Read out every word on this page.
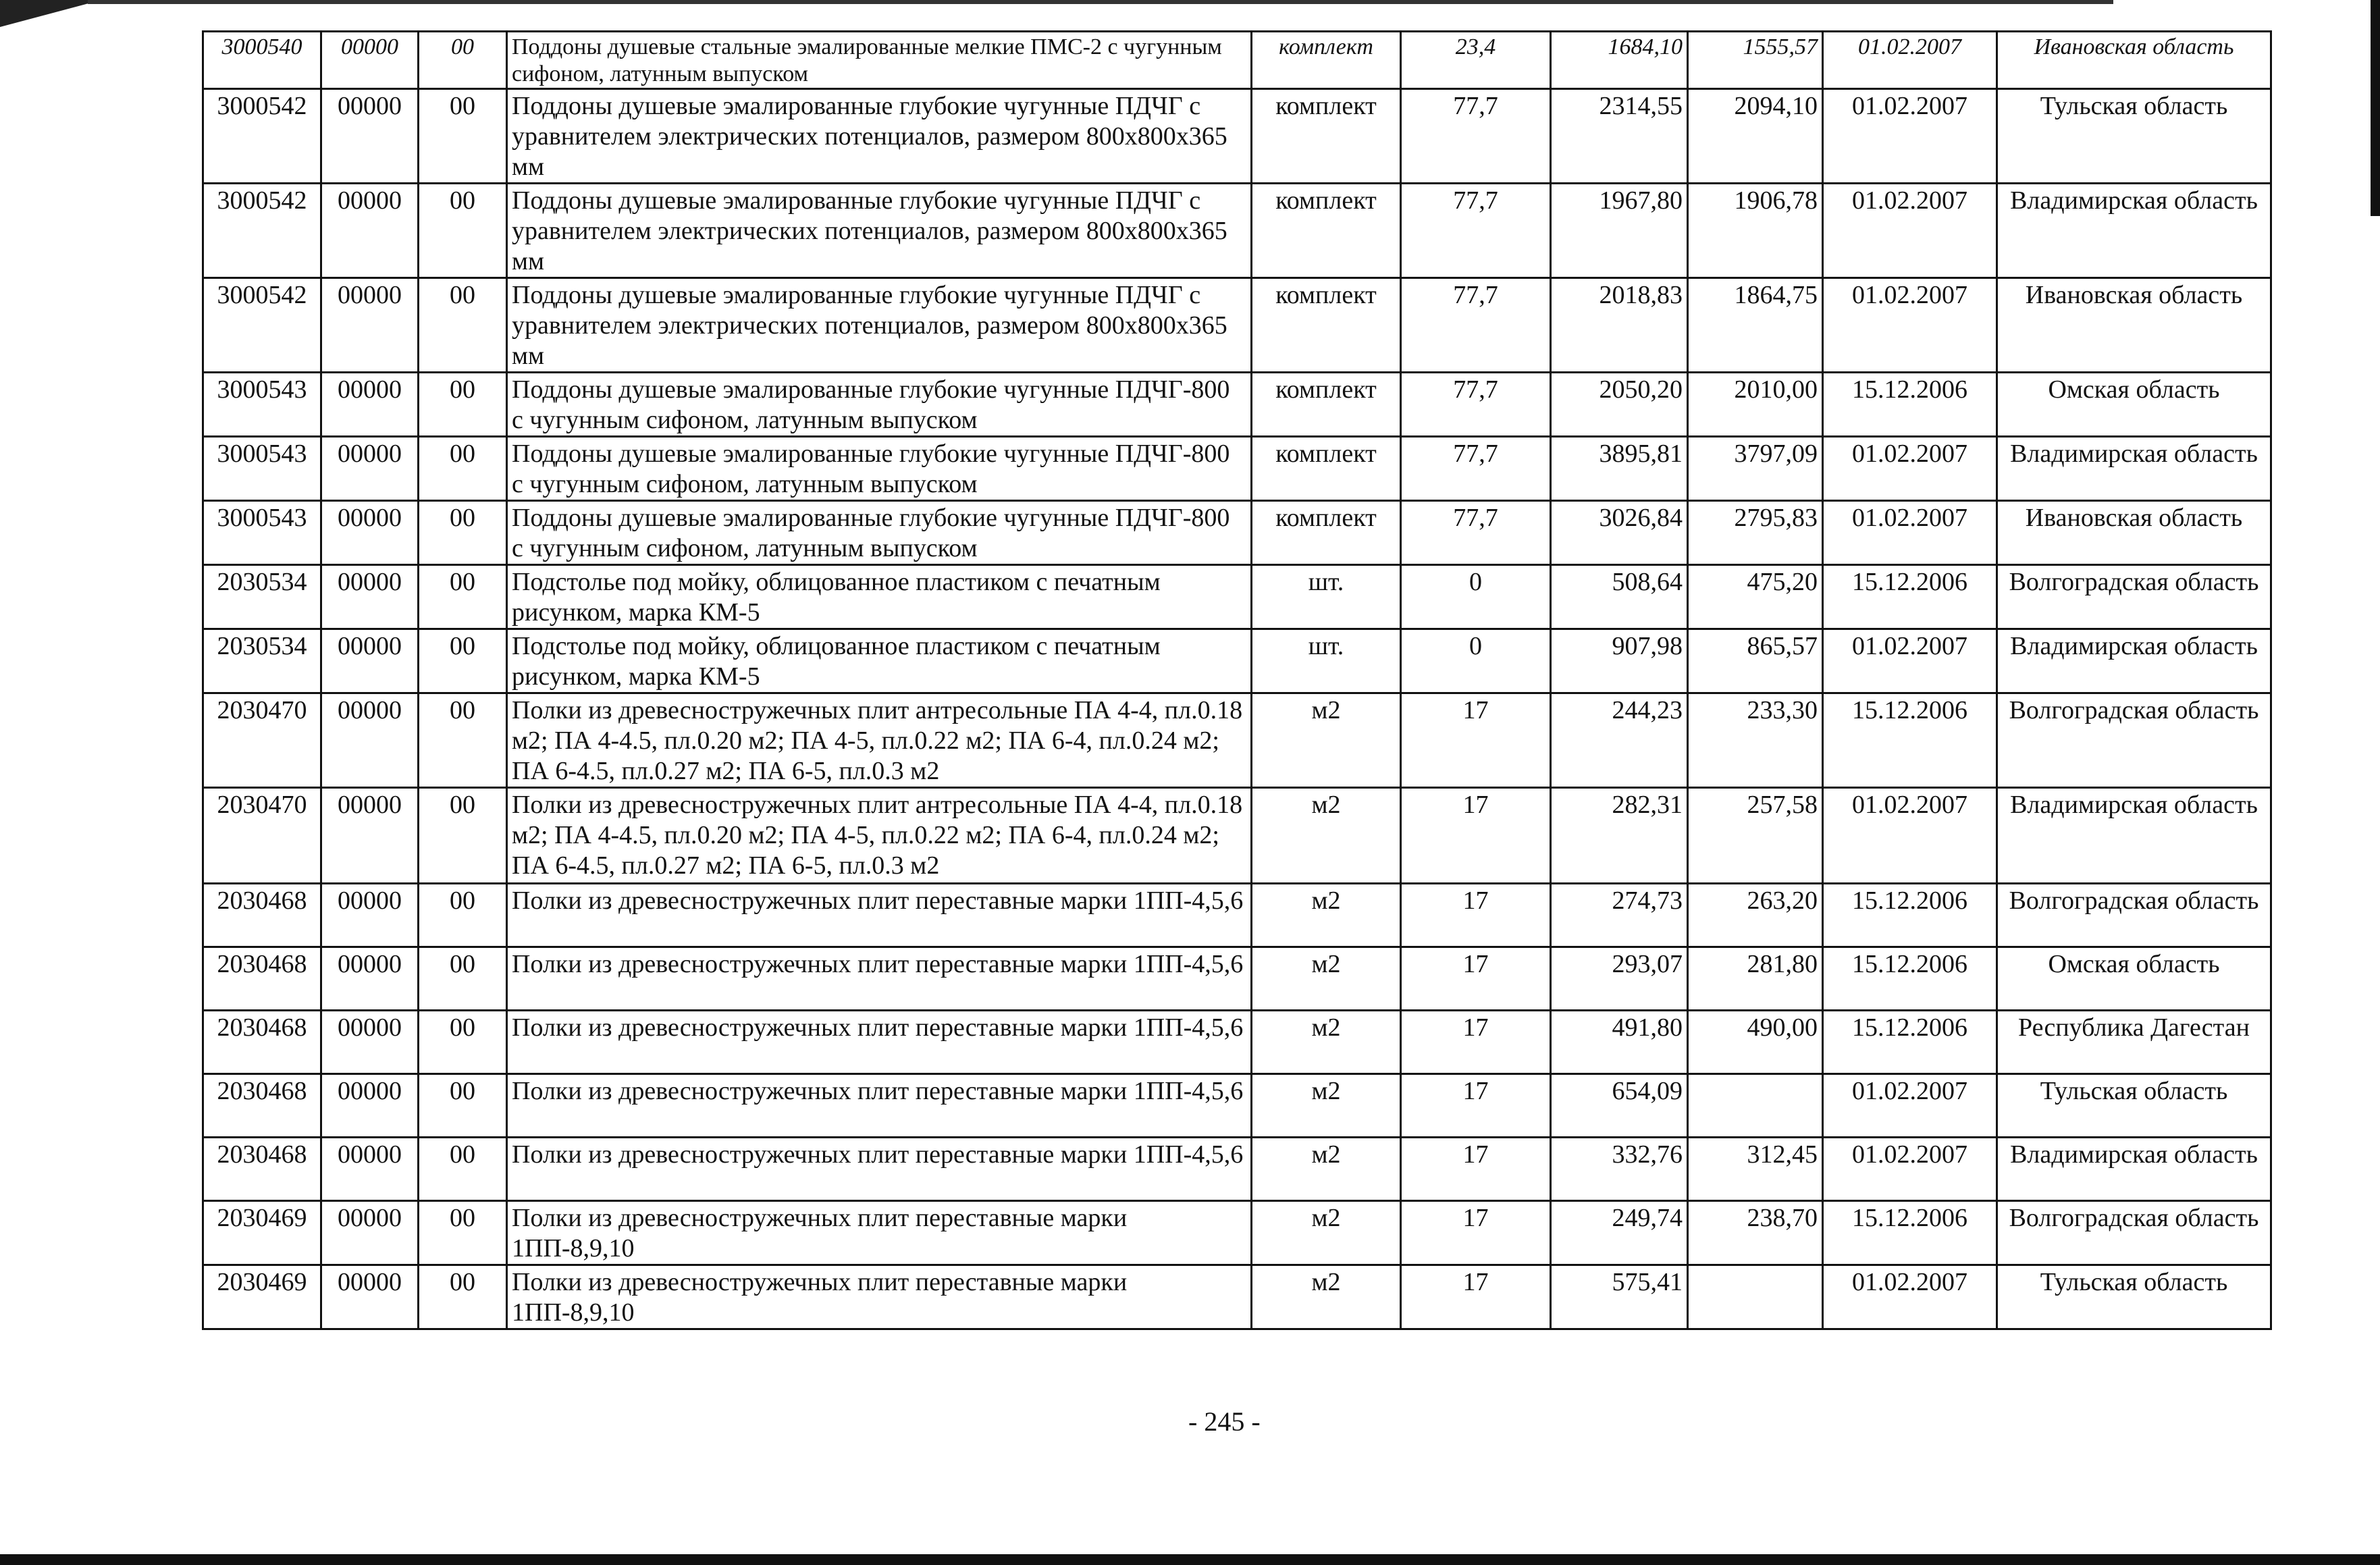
3000540	00000	00	Поддоны душевые стальные эмалированные мелкие ПМС-2 с чугунным сифоном, латунным выпуском	комплект	23,4	1684,10	1555,57	01.02.2007	Ивановская область
3000542	00000	00	Поддоны душевые эмалированные глубокие чугунные ПДЧГ с уравнителем электрических потенциалов, размером 800x800x365 мм	комплект	77,7	2314,55	2094,10	01.02.2007	Тульская область
3000542	00000	00	Поддоны душевые эмалированные глубокие чугунные ПДЧГ с уравнителем электрических потенциалов, размером 800x800x365 мм	комплект	77,7	1967,80	1906,78	01.02.2007	Владимирская область
3000542	00000	00	Поддоны душевые эмалированные глубокие чугунные ПДЧГ с уравнителем электрических потенциалов, размером 800x800x365 мм	комплект	77,7	2018,83	1864,75	01.02.2007	Ивановская область
3000543	00000	00	Поддоны душевые эмалированные глубокие чугунные ПДЧГ-800 с чугунным сифоном, латунным выпуском	комплект	77,7	2050,20	2010,00	15.12.2006	Омская область
3000543	00000	00	Поддоны душевые эмалированные глубокие чугунные ПДЧГ-800 с чугунным сифоном, латунным выпуском	комплект	77,7	3895,81	3797,09	01.02.2007	Владимирская область
3000543	00000	00	Поддоны душевые эмалированные глубокие чугунные ПДЧГ-800 с чугунным сифоном, латунным выпуском	комплект	77,7	3026,84	2795,83	01.02.2007	Ивановская область
2030534	00000	00	Подстолье под мойку, облицованное пластиком с печатным рисунком, марка КМ-5	шт.	0	508,64	475,20	15.12.2006	Волгоградская область
2030534	00000	00	Подстолье под мойку, облицованное пластиком с печатным рисунком, марка КМ-5	шт.	0	907,98	865,57	01.02.2007	Владимирская область
2030470	00000	00	Полки из древесностружечных плит антресольные ПА 4-4, пл.0.18 м2; ПА 4-4.5, пл.0.20 м2; ПА 4-5, пл.0.22 м2; ПА 6-4, пл.0.24 м2; ПА 6-4.5, пл.0.27 м2; ПА 6-5, пл.0.3 м2	м2	17	244,23	233,30	15.12.2006	Волгоградская область
2030470	00000	00	Полки из древесностружечных плит антресольные ПА 4-4, пл.0.18 м2; ПА 4-4.5, пл.0.20 м2; ПА 4-5, пл.0.22 м2; ПА 6-4, пл.0.24 м2; ПА 6-4.5, пл.0.27 м2; ПА 6-5, пл.0.3 м2	м2	17	282,31	257,58	01.02.2007	Владимирская область
2030468	00000	00	Полки из древесностружечных плит переставные марки 1ПП-4,5,6	м2	17	274,73	263,20	15.12.2006	Волгоградская область
2030468	00000	00	Полки из древесностружечных плит переставные марки 1ПП-4,5,6	м2	17	293,07	281,80	15.12.2006	Омская область
2030468	00000	00	Полки из древесностружечных плит переставные марки 1ПП-4,5,6	м2	17	491,80	490,00	15.12.2006	Республика Дагестан
2030468	00000	00	Полки из древесностружечных плит переставные марки 1ПП-4,5,6	м2	17	654,09		01.02.2007	Тульская область
2030468	00000	00	Полки из древесностружечных плит переставные марки 1ПП-4,5,6	м2	17	332,76	312,45	01.02.2007	Владимирская область
2030469	00000	00	Полки из древесностружечных плит переставные марки 1ПП-8,9,10	м2	17	249,74	238,70	15.12.2006	Волгоградская область
2030469	00000	00	Полки из древесностружечных плит переставные марки 1ПП-8,9,10	м2	17	575,41		01.02.2007	Тульская область
- 245 -
